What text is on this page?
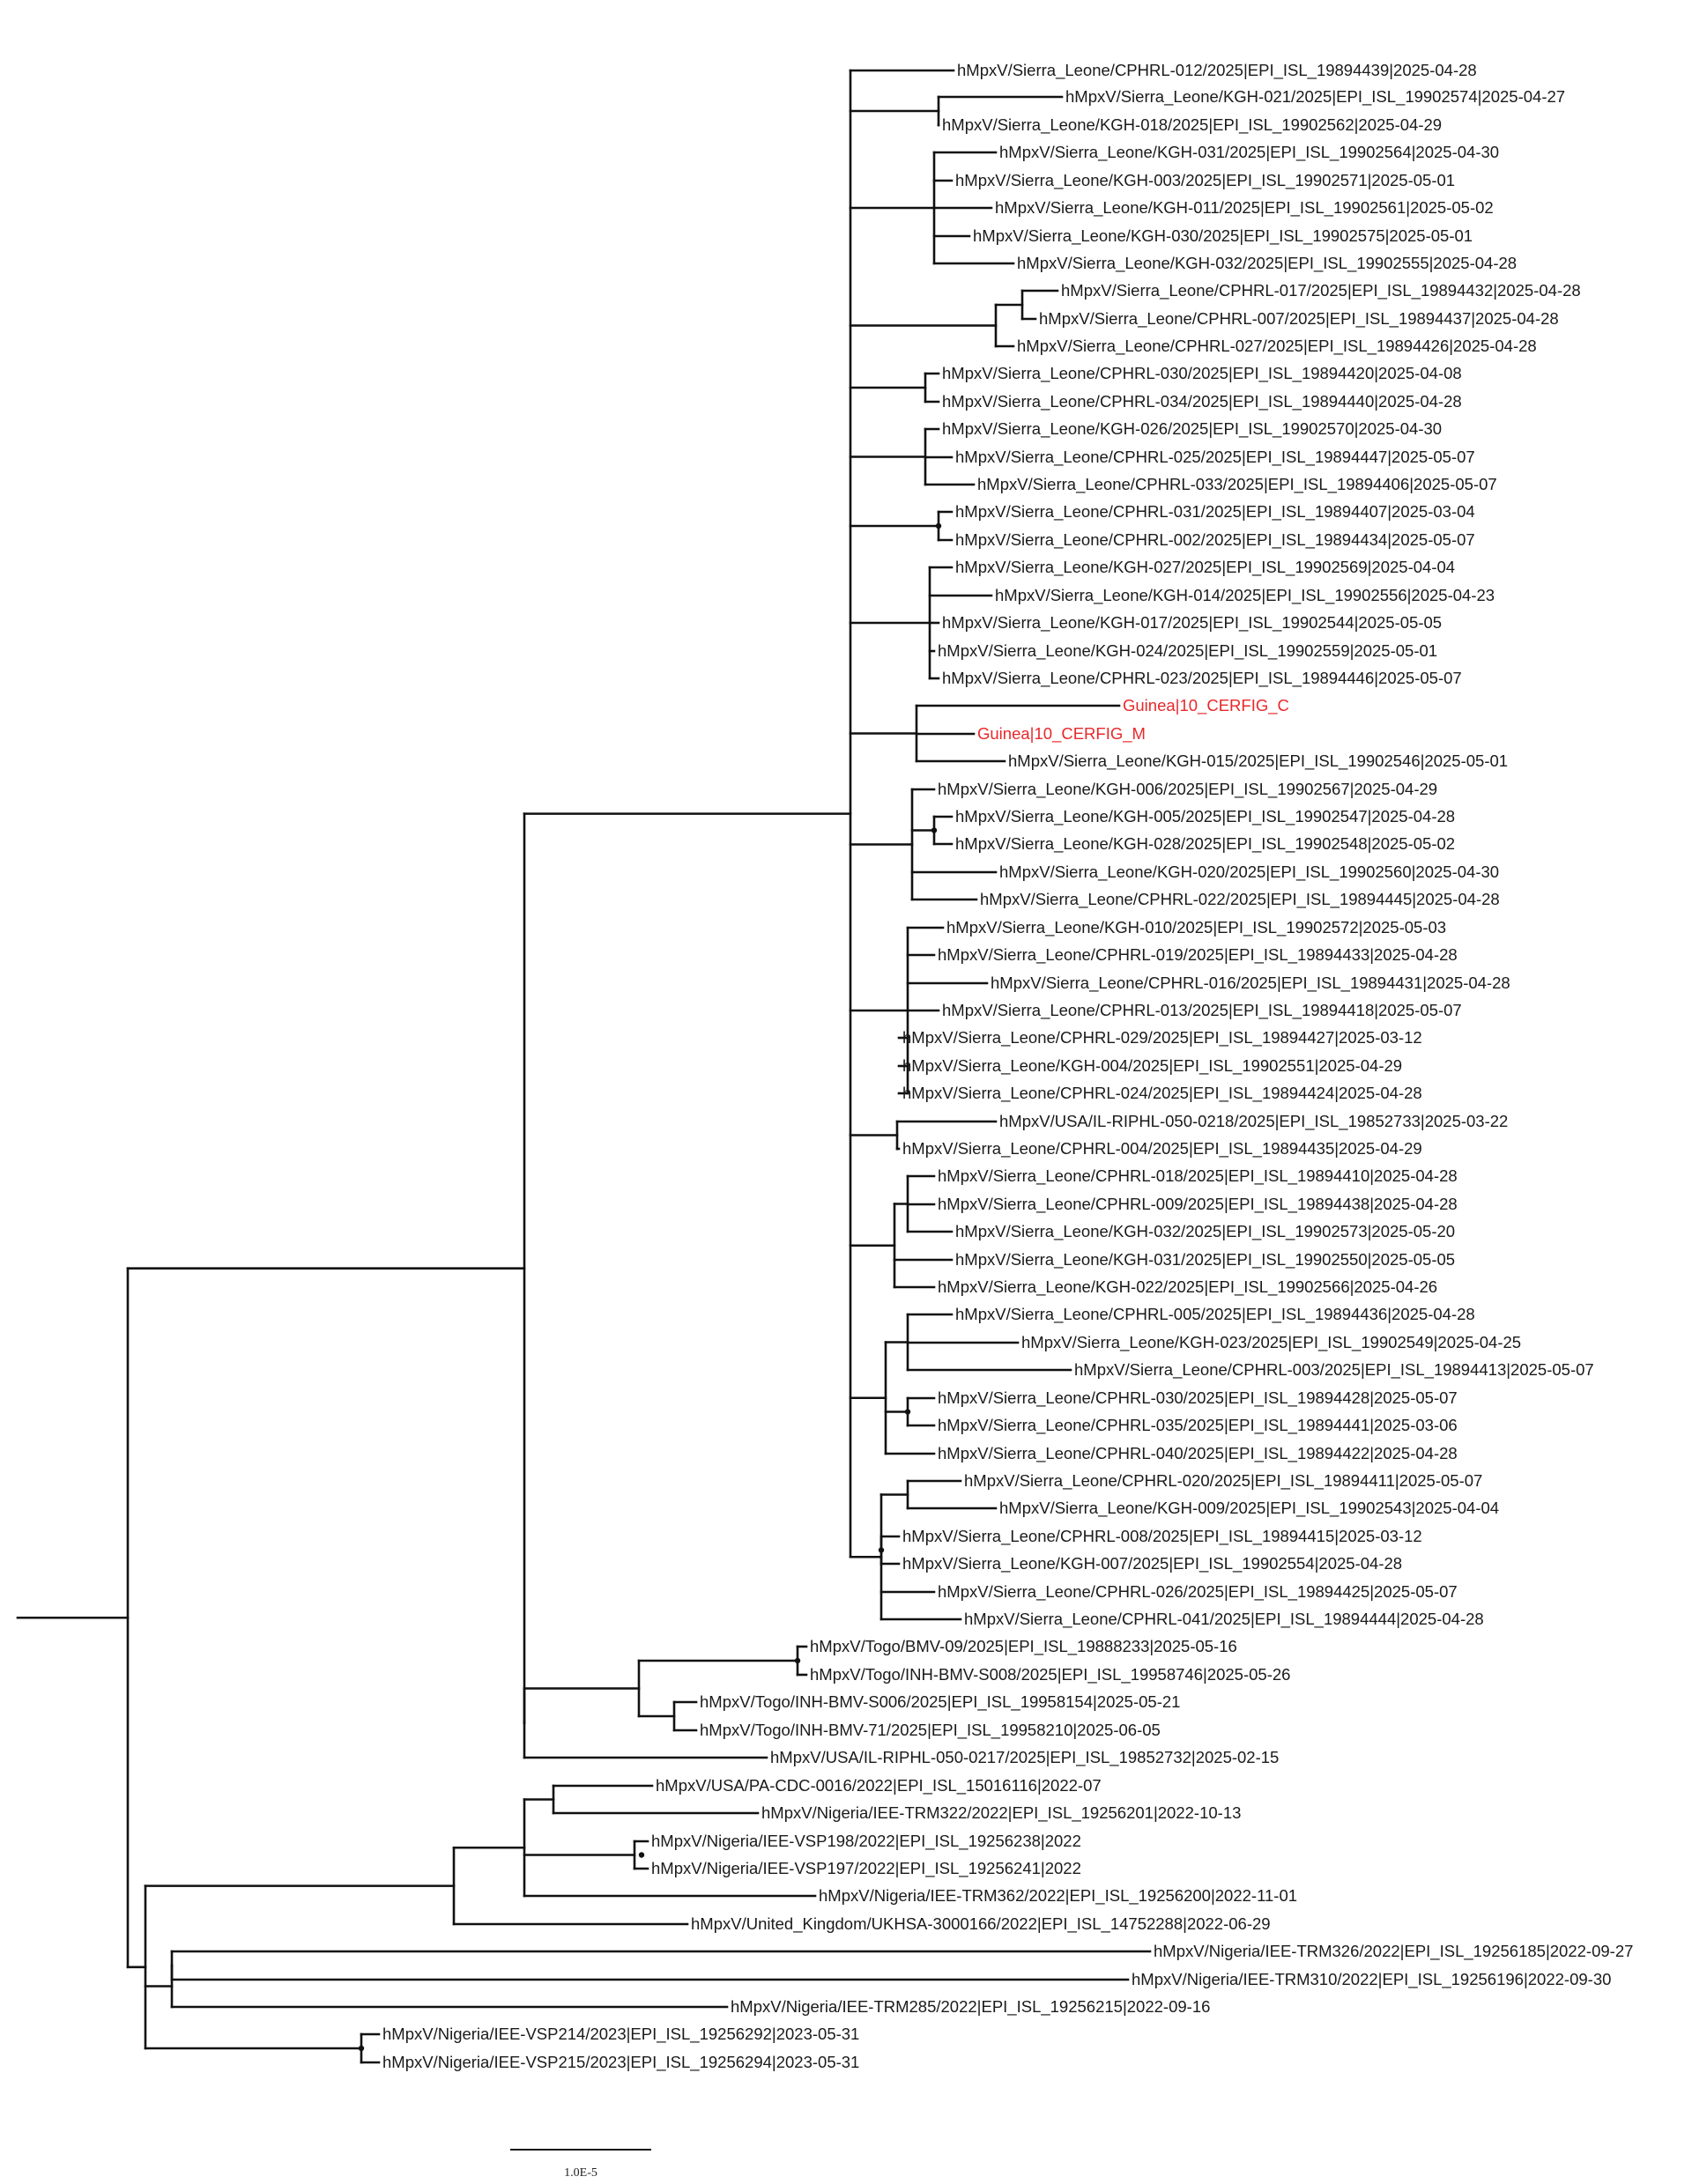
hMpxV/Sierra_Leone/CPHRL-012/2025|EPI_ISL_19894439|2025-04-28
hMpxV/Sierra_Leone/KGH-021/2025|EPI_ISL_19902574|2025-04-27
hMpxV/Sierra_Leone/KGH-018/2025|EPI_ISL_19902562|2025-04-29
hMpxV/Sierra_Leone/KGH-031/2025|EPI_ISL_19902564|2025-04-30
hMpxV/Sierra_Leone/KGH-003/2025|EPI_ISL_19902571|2025-05-01
hMpxV/Sierra_Leone/KGH-011/2025|EPI_ISL_19902561|2025-05-02
hMpxV/Sierra_Leone/KGH-030/2025|EPI_ISL_19902575|2025-05-01
hMpxV/Sierra_Leone/KGH-032/2025|EPI_ISL_19902555|2025-04-28
hMpxV/Sierra_Leone/CPHRL-017/2025|EPI_ISL_19894432|2025-04-28
hMpxV/Sierra_Leone/CPHRL-007/2025|EPI_ISL_19894437|2025-04-28
hMpxV/Sierra_Leone/CPHRL-027/2025|EPI_ISL_19894426|2025-04-28
hMpxV/Sierra_Leone/CPHRL-030/2025|EPI_ISL_19894420|2025-04-08
hMpxV/Sierra_Leone/CPHRL-034/2025|EPI_ISL_19894440|2025-04-28
hMpxV/Sierra_Leone/KGH-026/2025|EPI_ISL_19902570|2025-04-30
hMpxV/Sierra_Leone/CPHRL-025/2025|EPI_ISL_19894447|2025-05-07
hMpxV/Sierra_Leone/CPHRL-033/2025|EPI_ISL_19894406|2025-05-07
hMpxV/Sierra_Leone/CPHRL-031/2025|EPI_ISL_19894407|2025-03-04
hMpxV/Sierra_Leone/CPHRL-002/2025|EPI_ISL_19894434|2025-05-07
hMpxV/Sierra_Leone/KGH-027/2025|EPI_ISL_19902569|2025-04-04
hMpxV/Sierra_Leone/KGH-014/2025|EPI_ISL_19902556|2025-04-23
hMpxV/Sierra_Leone/KGH-017/2025|EPI_ISL_19902544|2025-05-05
hMpxV/Sierra_Leone/KGH-024/2025|EPI_ISL_19902559|2025-05-01
hMpxV/Sierra_Leone/CPHRL-023/2025|EPI_ISL_19894446|2025-05-07
Guinea|10_CERFIG_C
Guinea|10_CERFIG_M
hMpxV/Sierra_Leone/KGH-015/2025|EPI_ISL_19902546|2025-05-01
hMpxV/Sierra_Leone/KGH-006/2025|EPI_ISL_19902567|2025-04-29
hMpxV/Sierra_Leone/KGH-005/2025|EPI_ISL_19902547|2025-04-28
hMpxV/Sierra_Leone/KGH-028/2025|EPI_ISL_19902548|2025-05-02
hMpxV/Sierra_Leone/KGH-020/2025|EPI_ISL_19902560|2025-04-30
hMpxV/Sierra_Leone/CPHRL-022/2025|EPI_ISL_19894445|2025-04-28
hMpxV/Sierra_Leone/KGH-010/2025|EPI_ISL_19902572|2025-05-03
hMpxV/Sierra_Leone/CPHRL-019/2025|EPI_ISL_19894433|2025-04-28
hMpxV/Sierra_Leone/CPHRL-016/2025|EPI_ISL_19894431|2025-04-28
hMpxV/Sierra_Leone/CPHRL-013/2025|EPI_ISL_19894418|2025-05-07
hMpxV/Sierra_Leone/CPHRL-029/2025|EPI_ISL_19894427|2025-03-12
hMpxV/Sierra_Leone/KGH-004/2025|EPI_ISL_19902551|2025-04-29
hMpxV/Sierra_Leone/CPHRL-024/2025|EPI_ISL_19894424|2025-04-28
hMpxV/USA/IL-RIPHL-050-0218/2025|EPI_ISL_19852733|2025-03-22
hMpxV/Sierra_Leone/CPHRL-004/2025|EPI_ISL_19894435|2025-04-29
hMpxV/Sierra_Leone/CPHRL-018/2025|EPI_ISL_19894410|2025-04-28
hMpxV/Sierra_Leone/CPHRL-009/2025|EPI_ISL_19894438|2025-04-28
hMpxV/Sierra_Leone/KGH-032/2025|EPI_ISL_19902573|2025-05-20
hMpxV/Sierra_Leone/KGH-031/2025|EPI_ISL_19902550|2025-05-05
hMpxV/Sierra_Leone/KGH-022/2025|EPI_ISL_19902566|2025-04-26
hMpxV/Sierra_Leone/CPHRL-005/2025|EPI_ISL_19894436|2025-04-28
hMpxV/Sierra_Leone/KGH-023/2025|EPI_ISL_19902549|2025-04-25
hMpxV/Sierra_Leone/CPHRL-003/2025|EPI_ISL_19894413|2025-05-07
hMpxV/Sierra_Leone/CPHRL-030/2025|EPI_ISL_19894428|2025-05-07
hMpxV/Sierra_Leone/CPHRL-035/2025|EPI_ISL_19894441|2025-03-06
hMpxV/Sierra_Leone/CPHRL-040/2025|EPI_ISL_19894422|2025-04-28
hMpxV/Sierra_Leone/CPHRL-020/2025|EPI_ISL_19894411|2025-05-07
hMpxV/Sierra_Leone/KGH-009/2025|EPI_ISL_19902543|2025-04-04
hMpxV/Sierra_Leone/CPHRL-008/2025|EPI_ISL_19894415|2025-03-12
hMpxV/Sierra_Leone/KGH-007/2025|EPI_ISL_19902554|2025-04-28
hMpxV/Sierra_Leone/CPHRL-026/2025|EPI_ISL_19894425|2025-05-07
hMpxV/Sierra_Leone/CPHRL-041/2025|EPI_ISL_19894444|2025-04-28
hMpxV/Togo/BMV-09/2025|EPI_ISL_19888233|2025-05-16
hMpxV/Togo/INH-BMV-S008/2025|EPI_ISL_19958746|2025-05-26
hMpxV/Togo/INH-BMV-S006/2025|EPI_ISL_19958154|2025-05-21
hMpxV/Togo/INH-BMV-71/2025|EPI_ISL_19958210|2025-06-05
hMpxV/USA/IL-RIPHL-050-0217/2025|EPI_ISL_19852732|2025-02-15
hMpxV/USA/PA-CDC-0016/2022|EPI_ISL_15016116|2022-07
hMpxV/Nigeria/IEE-TRM322/2022|EPI_ISL_19256201|2022-10-13
hMpxV/Nigeria/IEE-VSP198/2022|EPI_ISL_19256238|2022
hMpxV/Nigeria/IEE-VSP197/2022|EPI_ISL_19256241|2022
hMpxV/Nigeria/IEE-TRM362/2022|EPI_ISL_19256200|2022-11-01
hMpxV/United_Kingdom/UKHSA-3000166/2022|EPI_ISL_14752288|2022-06-29
hMpxV/Nigeria/IEE-TRM326/2022|EPI_ISL_19256185|2022-09-27
hMpxV/Nigeria/IEE-TRM310/2022|EPI_ISL_19256196|2022-09-30
hMpxV/Nigeria/IEE-TRM285/2022|EPI_ISL_19256215|2022-09-16
hMpxV/Nigeria/IEE-VSP214/2023|EPI_ISL_19256292|2023-05-31
hMpxV/Nigeria/IEE-VSP215/2023|EPI_ISL_19256294|2023-05-31
1.0E-5
